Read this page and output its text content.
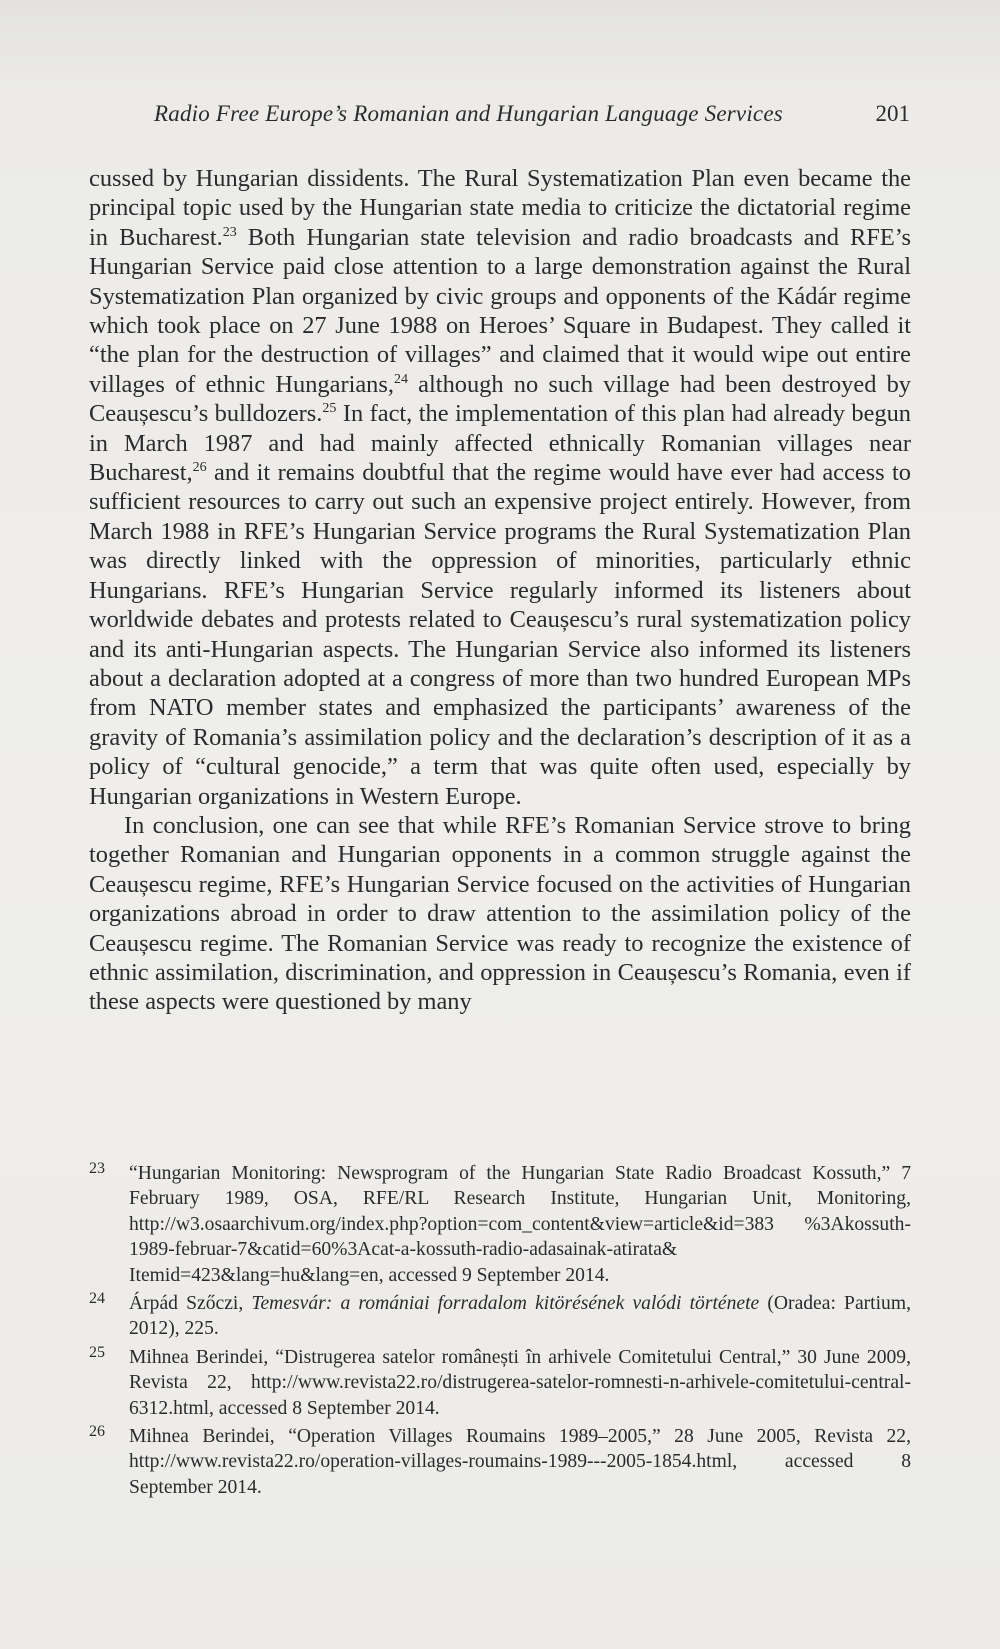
Radio Free Europe’s Romanian and Hungarian Language Services	201

cussed by Hungarian dissidents. The Rural Systematization Plan even became the principal topic used by the Hungarian state media to criticize the dictatorial regime in Bucharest.$^{23}$ Both Hungarian state television and radio broadcasts and RFE’s Hungarian Service paid close attention to a large demonstration against the Rural Systematization Plan organized by civic groups and opponents of the Kádár regime which took place on 27 June 1988 on Heroes’ Square in Budapest. They called it “the plan for the destruction of villages” and claimed that it would wipe out entire villages of ethnic Hungarians,$^{24}$ although no such village had been destroyed by Ceaușescu’s bulldozers.$^{25}$ In fact, the implementation of this plan had already begun in March 1987 and had mainly affected ethnically Romanian villages near Bucharest,$^{26}$ and it remains doubtful that the regime would have ever had access to sufficient resources to carry out such an expensive project entirely. However, from March 1988 in RFE’s Hungarian Service programs the Rural Systematization Plan was directly linked with the oppression of minorities, particularly ethnic Hungarians. RFE’s Hungarian Service regularly informed its listeners about worldwide debates and protests related to Ceaușescu’s rural systematization policy and its anti-Hungarian aspects. The Hungarian Service also informed its listeners about a declaration adopted at a congress of more than two hundred European MPs from NATO member states and emphasized the participants’ awareness of the gravity of Romania’s assimilation policy and the declaration’s description of it as a policy of “cultural genocide,” a term that was quite often used, especially by Hungarian organizations in Western Europe.

In conclusion, one can see that while RFE’s Romanian Service strove to bring together Romanian and Hungarian opponents in a common struggle against the Ceaușescu regime, RFE’s Hungarian Service focused on the activities of Hungarian organizations abroad in order to draw attention to the assimilation policy of the Ceaușescu regime. The Romanian Service was ready to recognize the existence of ethnic assimilation, discrimination, and oppression in Ceaușescu’s Romania, even if these aspects were questioned by many

23 “Hungarian Monitoring: Newsprogram of the Hungarian State Radio Broadcast Kossuth,” 7 February 1989, OSA, RFE/RL Research Institute, Hungarian Unit, Monitoring, http://w3.osaarchivum.org/index.php?option=com_content&view=article&id=383 %3Akossuth-1989-februar-7&catid=60%3Acat-a-kossuth-radio-adasainak-atirata& Itemid=423&lang=hu&lang=en, accessed 9 September 2014.
24 Árpád Szőczi, Temesvár: a romániai forradalom kitörésének valódi története (Oradea: Partium, 2012), 225.
25 Mihnea Berindei, “Distrugerea satelor românești în arhivele Comitetului Central,” 30 June 2009, Revista 22, http://www.revista22.ro/distrugerea-satelor-romnesti-n-arhivele-comitetului-central-6312.html, accessed 8 September 2014.
26 Mihnea Berindei, “Operation Villages Roumains 1989–2005,” 28 June 2005, Revista 22, http://www.revista22.ro/operation-villages-roumains-1989---2005-1854.html, accessed 8 September 2014.
